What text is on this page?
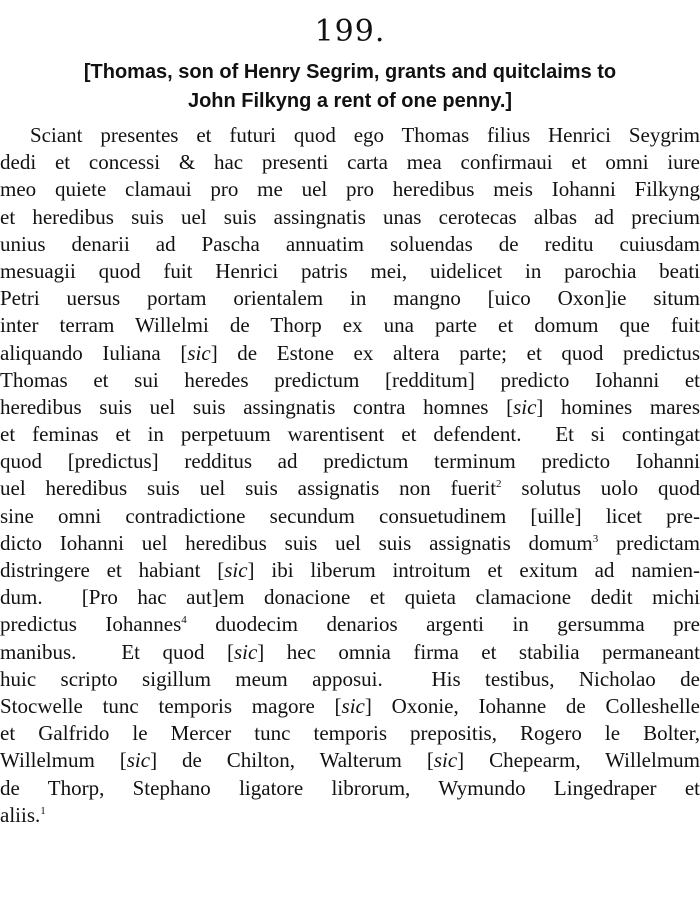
199.
[Thomas, son of Henry Segrim, grants and quitclaims to
John Filkyng a rent of one penny.]
Sciant presentes et futuri quod ego Thomas filius Henrici Seygrim
dedi et concessi & hac presenti carta mea confirmaui et omni iure
meo quiete clamaui pro me uel pro heredibus meis Iohanni Filkyng
et heredibus suis uel suis assingnatis unas cerotecas albas ad precium
unius denarii ad Pascha annuatim soluendas de reditu cuiusdam
mesuagii quod fuit Henrici patris mei, uidelicet in parochia beati
Petri uersus portam orientalem in mangno [uico Oxon]ie situm
inter terram Willelmi de Thorp ex una parte et domum que fuit
aliquando Iuliana [sic] de Estone ex altera parte; et quod predictus
Thomas et sui heredes predictum [redditum] predicto Iohanni et
heredibus suis uel suis assingnatis contra homnes [sic] homines mares
et feminas et in perpetuum warentisent et defendent.  Et si contingat
quod [predictus] redditus ad predictum terminum predicto Iohanni
uel heredibus suis uel suis assignatis non fuerit$^2$ solutus uolo quod
sine omni contradictione secundum consuetudinem [uille] licet pre-
dicto Iohanni uel heredibus suis uel suis assignatis domum$^3$ predictam
distringere et habiant [sic] ibi liberum introitum et exitum ad namien-
dum.  [Pro hac aut]em donacione et quieta clamacione dedit michi
predictus Iohannes$^4$ duodecim denarios argenti in gersumma pre
manibus.  Et quod [sic] hec omnia firma et stabilia permaneant
huic scripto sigillum meum apposui.  His testibus, Nicholao de
Stocwelle tunc temporis magore [sic] Oxonie, Iohanne de Colleshelle
et Galfrido le Mercer tunc temporis prepositis, Rogero le Bolter,
Willelmum [sic] de Chilton, Walterum [sic] Chepearm, Willelmum
de Thorp, Stephano ligatore librorum, Wymundo Lingedraper et
aliis.$^1$
